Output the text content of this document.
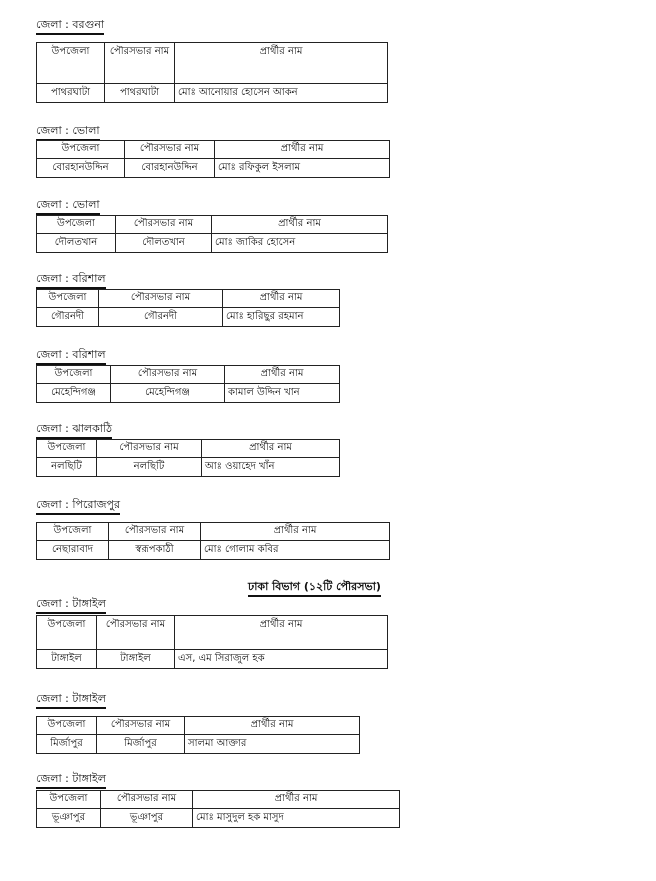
জেলা : বরগুনা
উপজেলা	পৌরসভার নাম	প্রার্থীর নাম
পাথরঘাটা	পাথরঘাটা	মোঃ আনোয়ার হোসেন আকন
জেলা : ভোলা
উপজেলা	পৌরসভার নাম	প্রার্থীর নাম
বোরহানউদ্দিন	বোরহানউদ্দিন	মোঃ রফিকুল ইসলাম
জেলা : ভোলা
উপজেলা	পৌরসভার নাম	প্রার্থীর নাম
দৌলতখান	দৌলতখান	মোঃ জাকির হোসেন
জেলা : বরিশাল
উপজেলা	পৌরসভার নাম	প্রার্থীর নাম
গৌরনদী	গৌরনদী	মোঃ হারিছুর রহমান
জেলা : বরিশাল
উপজেলা	পৌরসভার নাম	প্রার্থীর নাম
মেহেন্দিগঞ্জ	মেহেন্দিগঞ্জ	কামাল উদ্দিন খান
জেলা : ঝালকাঠি
উপজেলা	পৌরসভার নাম	প্রার্থীর নাম
নলছিটি	নলছিটি	আঃ ওয়াহেদ খাঁন
জেলা : পিরোজপুর
উপজেলা	পৌরসভার নাম	প্রার্থীর নাম
নেছারাবাদ	স্বরূপকাঠী	মোঃ গোলাম কবির
ঢাকা বিভাগ (১২টি পৌরসভা)
জেলা : টাঙ্গাইল
উপজেলা	পৌরসভার নাম	প্রার্থীর নাম
টাঙ্গাইল	টাঙ্গাইল	এস, এম সিরাজুল হক
জেলা : টাঙ্গাইল
উপজেলা	পৌরসভার নাম	প্রার্থীর নাম
মির্জাপুর	মির্জাপুর	সালমা আক্তার
জেলা : টাঙ্গাইল
উপজেলা	পৌরসভার নাম	প্রার্থীর নাম
ভূঞাপুর	ভূঞাপুর	মোঃ মাসুদুল হক মাসুদ
